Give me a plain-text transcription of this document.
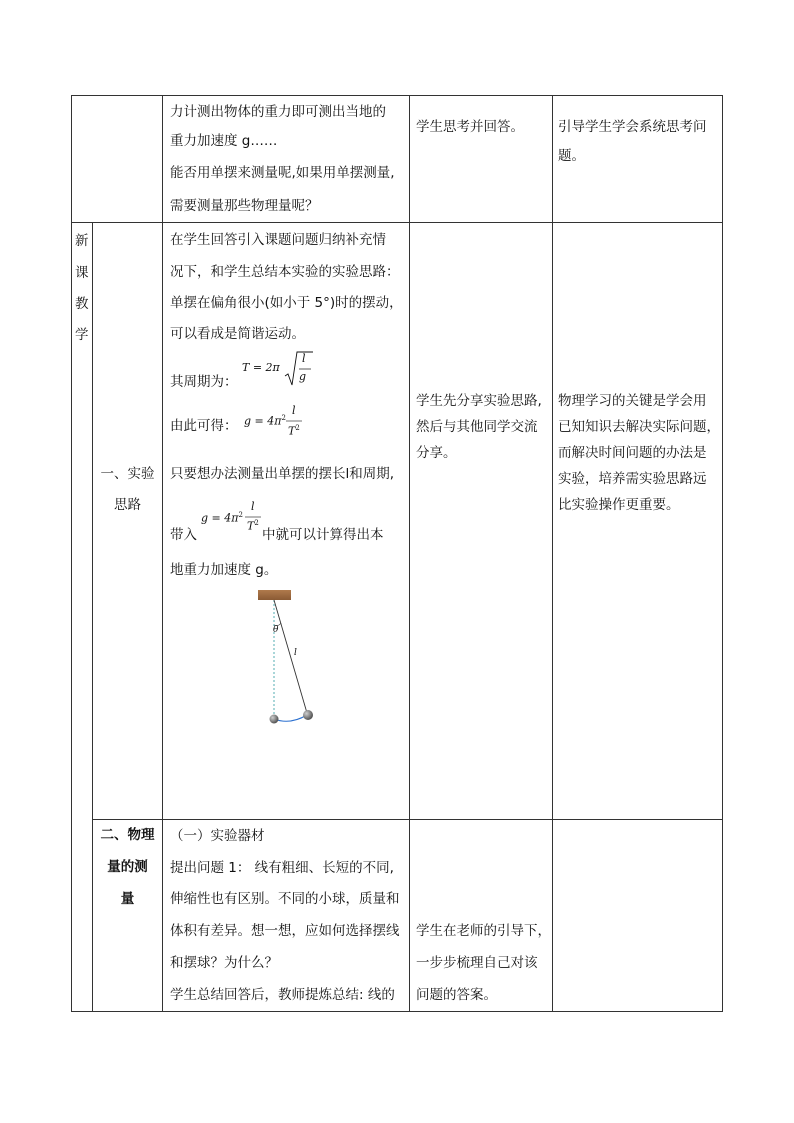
力计测出物体的重力即可测出当地的
重力加速度 g……
能否用单摆来测量呢,如果用单摆测量,
需要测量那些物理量呢？
学生思考并回答。	引导学生学会系统思考问
题。
新
课
教
学
一、实验
思路
在学生回答引入课题问题归纳补充情
况下，和学生总结本实验的实验思路：
单摆在偏角很小(如小于 5°)时的摆动，
可以看成是简谐运动。
其周期为：
T = 2π
l
g
由此可得： $g = 4\pi^2$
l
$T^2$
只要想办法测量出单摆的摆长l和周期,
$g = 4\pi^2$
l
$T^2$
带入	中就可以计算得出本
地重力加速度 g。
θ
l
学生先分享实验思路,
然后与其他同学交流
分享。
物理学习的关键是学会用
已知知识去解决实际问题，
而解决时间问题的办法是
实验，培养需实验思路远
比实验操作更重要。
二、物理
量的测
量
（一）实验器材
提出问题 1： 线有粗细、长短的不同,
伸缩性也有区别。不同的小球，质量和
体积有差异。想一想，应如何选择摆线
和摆球？为什么？
学生总结回答后，教师提炼总结: 线的
学生在老师的引导下，
一步步梳理自己对该
问题的答案。
